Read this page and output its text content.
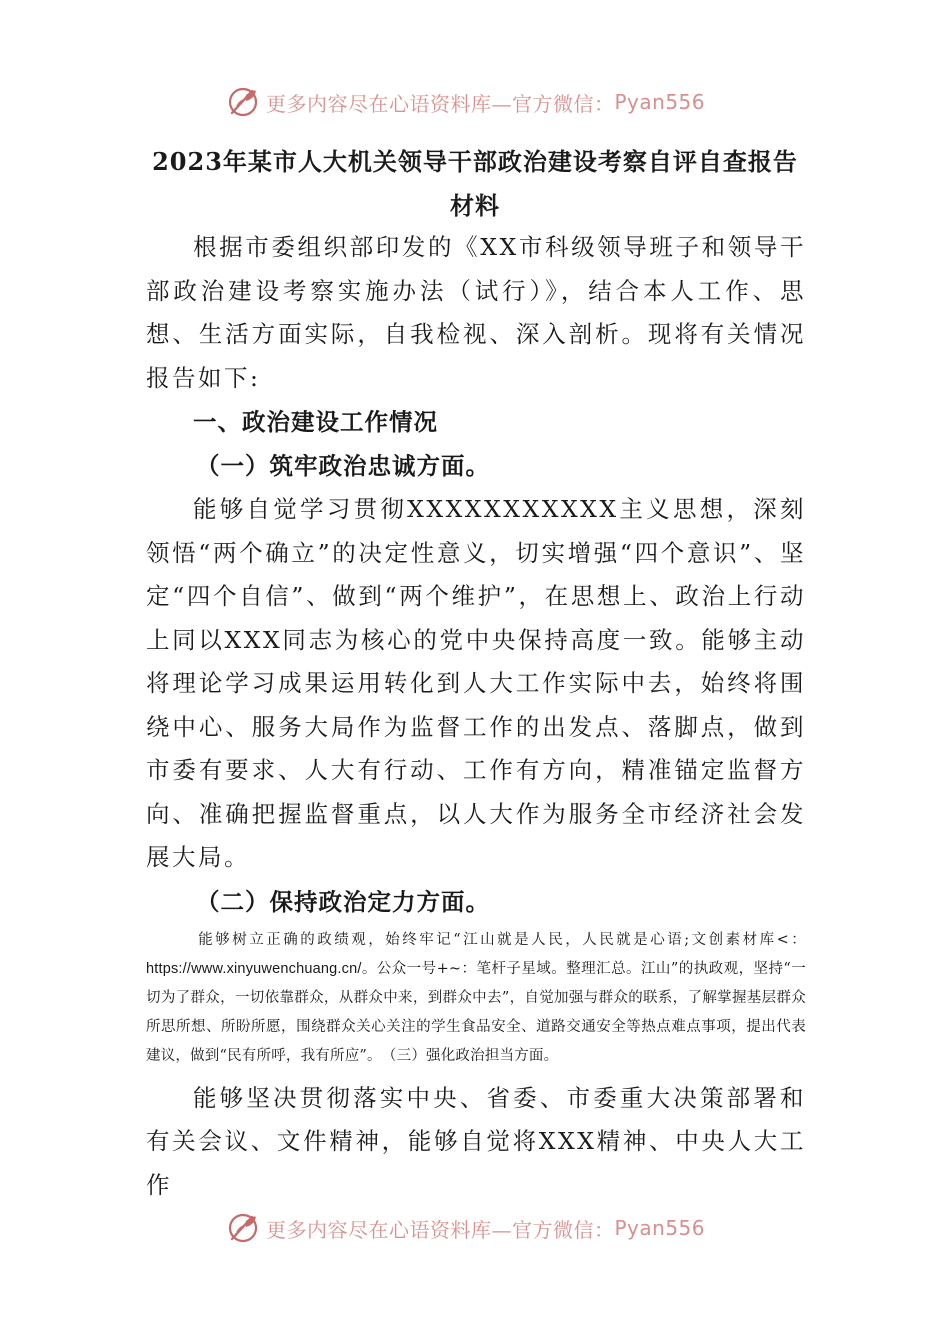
更多内容尽在心语资料库—官方微信： Pyan556
2023年某市人大机关领导干部政治建设考察自评自查报告
材料

根据市委组织部印发的《XX市科级领导班子和领导干部政治建设考察实施办法（试行）》，结合本人工作、思想、生活方面实际，自我检视、深入剖析。现将有关情况报告如下:

一、政治建设工作情况

（一）筑牢政治忠诚方面。

能够自觉学习贯彻XXXXXXXXXXX主义思想，深刻领悟“两个确立”的决定性意义，切实增强“四个意识”、坚定“四个自信”、做到“两个维护”，在思想上、政治上行动上同以XXX同志为核心的党中央保持高度一致。能够主动将理论学习成果运用转化到人大工作实际中去，始终将围绕中心、服务大局作为监督工作的出发点、落脚点，做到市委有要求、人大有行动、工作有方向，精准锚定监督方向、准确把握监督重点，以人大作为服务全市经济社会发展大局。

（二）保持政治定力方面。

能够树立正确的政绩观，始终牢记“江山就是人民，人民就是心语;文创素材库<：https://www.xinyuwenchuang.cn/。公众一号+~：笔杆子星域。整理汇总。江山”的执政观，坚持“一切为了群众，一切依靠群众，从群众中来，到群众中去”，自觉加强与群众的联系，了解掌握基层群众所思所想、所盼所愿，围绕群众关心关注的学生食品安全、道路交通安全等热点难点事项，提出代表建议，做到“民有所呼，我有所应”。　（三）强化政治担当方面。

能够坚决贯彻落实中央、省委、市委重大决策部署和有关会议、文件精神，能够自觉将XXX精神、中央人大工作

更多内容尽在心语资料库—官方微信： Pyan556
